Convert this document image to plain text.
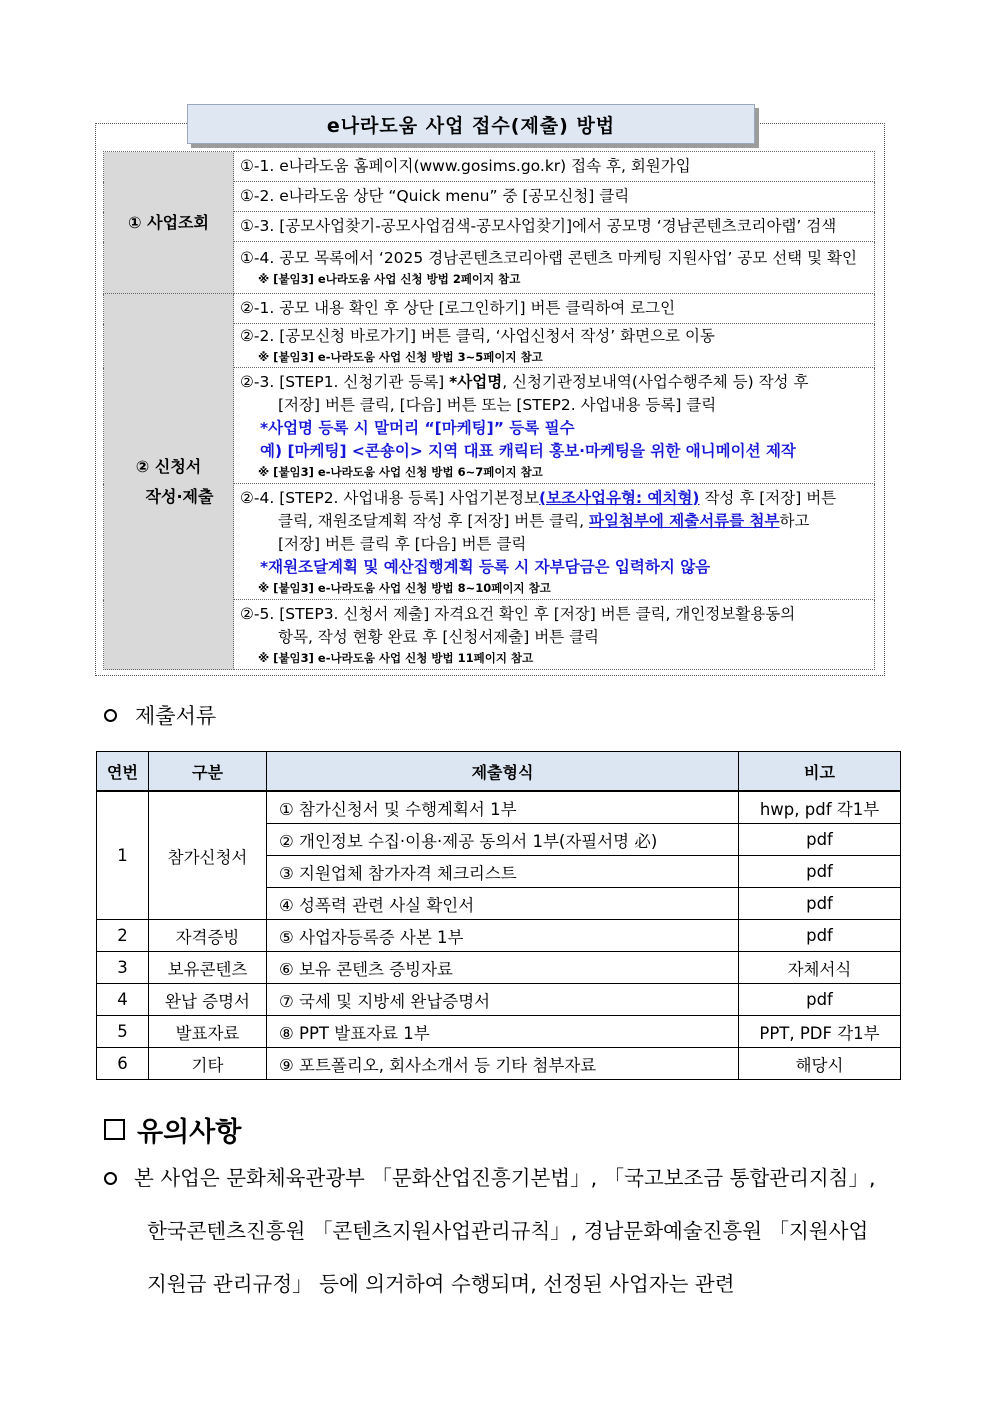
e나라도움 사업 접수(제출) 방법
① 사업조회	①-1. e나라도움 홈페이지(www.gosims.go.kr) 접속 후, 회원가입
	①-2. e나라도움 상단 “Quick menu” 중 [공모신청] 클릭
	①-3. [공모사업찾기-공모사업검색-공모사업찾기]에서 공모명 ‘경남콘텐츠코리아랩’ 검색
	①-4. 공모 목록에서 ‘2025 경남콘텐츠코리아랩 콘텐츠 마케팅 지원사업’ 공모 선택 및 확인
※ [붙임3] e나라도움 사업 신청 방법 2페이지 참고

② 신청서
작성·제출	②-1. 공모 내용 확인 후 상단 [로그인하기] 버튼 클릭하여 로그인
	②-2. [공모신청 바로가기] 버튼 클릭, ‘사업신청서 작성’ 화면으로 이동
※ [붙임3] e-나라도움 사업 신청 방법 3~5페이지 참고

	②-3. [STEP1. 신청기관 등록] *사업명, 신청기관정보내역(사업수행주체 등) 작성 후
[저장] 버튼 클릭, [다음] 버튼 또는 [STEP2. 사업내용 등록] 클릭
*사업명 등록 시 말머리 “[마케팅]” 등록 필수
예) [마케팅] <콘숑이> 지역 대표 캐릭터 홍보·마케팅을 위한 애니메이션 제작
※ [붙임3] e-나라도움 사업 신청 방법 6~7페이지 참고

	②-4. [STEP2. 사업내용 등록] 사업기본정보(보조사업유형: 예치형) 작성 후 [저장] 버튼
클릭, 재원조달계획 작성 후 [저장] 버튼 클릭, 파일첨부에 제출서류를 첨부하고
[저장] 버튼 클릭 후 [다음] 버튼 클릭
*재원조달계획 및 예산집행계획 등록 시 자부담금은 입력하지 않음
※ [붙임3] e-나라도움 사업 신청 방법 8~10페이지 참고

	②-5. [STEP3. 신청서 제출] 자격요건 확인 후 [저장] 버튼 클릭, 개인정보활용동의
항목, 작성 현황 완료 후 [신청서제출] 버튼 클릭
※ [붙임3] e-나라도움 사업 신청 방법 11페이지 참고
제출서류
연번	구분	제출형식	비고
1	참가신청서	① 참가신청서 및 수행계획서 1부	hwp, pdf 각1부
		② 개인정보 수집·이용·제공 동의서 1부(자필서명 必)	pdf
		③ 지원업체 참가자격 체크리스트	pdf
		④ 성폭력 관련 사실 확인서	pdf
2	자격증빙	⑤ 사업자등록증 사본 1부	pdf
3	보유콘텐츠	⑥ 보유 콘텐츠 증빙자료	자체서식
4	완납 증명서	⑦ 국세 및 지방세 완납증명서	pdf
5	발표자료	⑧ PPT 발표자료 1부	PPT, PDF 각1부
6	기타	⑨ 포트폴리오, 회사소개서 등 기타 첨부자료	해당시
유의사항
본 사업은 문화체육관광부 「문화산업진흥기본법」, 「국고보조금 통합관리지침」,
한국콘텐츠진흥원 「콘텐츠지원사업관리규칙」, 경남문화예술진흥원 「지원사업
지원금 관리규정」 등에 의거하여 수행되며, 선정된 사업자는 관련
